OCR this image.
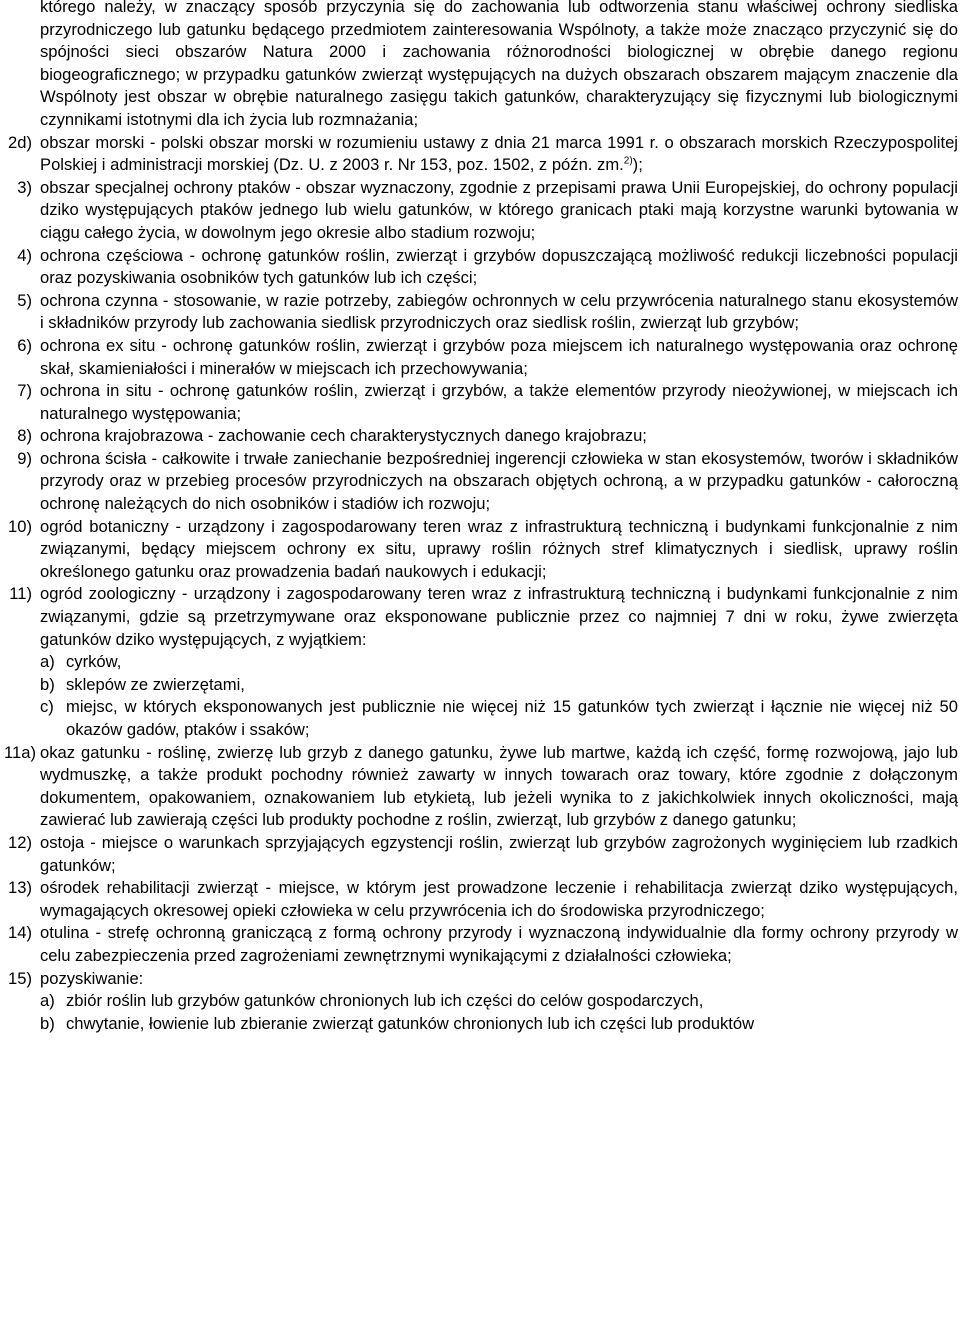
którego należy, w znaczący sposób przyczynia się do zachowania lub odtworzenia stanu właściwej ochrony siedliska przyrodniczego lub gatunku będącego przedmiotem zainteresowania Wspólnoty, a także może znacząco przyczynić się do spójności sieci obszarów Natura 2000 i zachowania różnorodności biologicznej w obrębie danego regionu biogeograficznego; w przypadku gatunków zwierząt występujących na dużych obszarach obszarem mającym znaczenie dla Wspólnoty jest obszar w obrębie naturalnego zasięgu takich gatunków, charakteryzujący się fizycznymi lub biologicznymi czynnikami istotnymi dla ich życia lub rozmnażania;
2d) obszar morski - polski obszar morski w rozumieniu ustawy z dnia 21 marca 1991 r. o obszarach morskich Rzeczypospolitej Polskiej i administracji morskiej (Dz. U. z 2003 r. Nr 153, poz. 1502, z późn. zm.$^{2)}$);
3) obszar specjalnej ochrony ptaków - obszar wyznaczony, zgodnie z przepisami prawa Unii Europejskiej, do ochrony populacji dziko występujących ptaków jednego lub wielu gatunków, w którego granicach ptaki mają korzystne warunki bytowania w ciągu całego życia, w dowolnym jego okresie albo stadium rozwoju;
4) ochrona częściowa - ochronę gatunków roślin, zwierząt i grzybów dopuszczającą możliwość redukcji liczebności populacji oraz pozyskiwania osobników tych gatunków lub ich części;
5) ochrona czynna - stosowanie, w razie potrzeby, zabiegów ochronnych w celu przywrócenia naturalnego stanu ekosystemów i składników przyrody lub zachowania siedlisk przyrodniczych oraz siedlisk roślin, zwierząt lub grzybów;
6) ochrona ex situ - ochronę gatunków roślin, zwierząt i grzybów poza miejscem ich naturalnego występowania oraz ochronę skał, skamieniałości i minerałów w miejscach ich przechowywania;
7) ochrona in situ - ochronę gatunków roślin, zwierząt i grzybów, a także elementów przyrody nieożywionej, w miejscach ich naturalnego występowania;
8) ochrona krajobrazowa - zachowanie cech charakterystycznych danego krajobrazu;
9) ochrona ścisła - całkowite i trwałe zaniechanie bezpośredniej ingerencji człowieka w stan ekosystemów, tworów i składników przyrody oraz w przebieg procesów przyrodniczych na obszarach objętych ochroną, a w przypadku gatunków - całoroczną ochronę należących do nich osobników i stadiów ich rozwoju;
10) ogród botaniczny - urządzony i zagospodarowany teren wraz z infrastrukturą techniczną i budynkami funkcjonalnie z nim związanymi, będący miejscem ochrony ex situ, uprawy roślin różnych stref klimatycznych i siedlisk, uprawy roślin określonego gatunku oraz prowadzenia badań naukowych i edukacji;
11) ogród zoologiczny - urządzony i zagospodarowany teren wraz z infrastrukturą techniczną i budynkami funkcjonalnie z nim związanymi, gdzie są przetrzymywane oraz eksponowane publicznie przez co najmniej 7 dni w roku, żywe zwierzęta gatunków dziko występujących, z wyjątkiem:
a) cyrków,
b) sklepów ze zwierzętami,
c) miejsc, w których eksponowanych jest publicznie nie więcej niż 15 gatunków tych zwierząt i łącznie nie więcej niż 50 okazów gadów, ptaków i ssaków;
11a) okaz gatunku - roślinę, zwierzę lub grzyb z danego gatunku, żywe lub martwe, każdą ich część, formę rozwojową, jajo lub wydmuszkę, a także produkt pochodny również zawarty w innych towarach oraz towary, które zgodnie z dołączonym dokumentem, opakowaniem, oznakowaniem lub etykietą, lub jeżeli wynika to z jakichkolwiek innych okoliczności, mają zawierać lub zawierają części lub produkty pochodne z roślin, zwierząt, lub grzybów z danego gatunku;
12) ostoja - miejsce o warunkach sprzyjających egzystencji roślin, zwierząt lub grzybów zagrożonych wyginięciem lub rzadkich gatunków;
13) ośrodek rehabilitacji zwierząt - miejsce, w którym jest prowadzone leczenie i rehabilitacja zwierząt dziko występujących, wymagających okresowej opieki człowieka w celu przywrócenia ich do środowiska przyrodniczego;
14) otulina - strefę ochronną graniczącą z formą ochrony przyrody i wyznaczoną indywidualnie dla formy ochrony przyrody w celu zabezpieczenia przed zagrożeniami zewnętrznymi wynikającymi z działalności człowieka;
15) pozyskiwanie:
a) zbiór roślin lub grzybów gatunków chronionych lub ich części do celów gospodarczych,
b) chwytanie, łowienie lub zbieranie zwierząt gatunków chronionych lub ich części lub produktów
